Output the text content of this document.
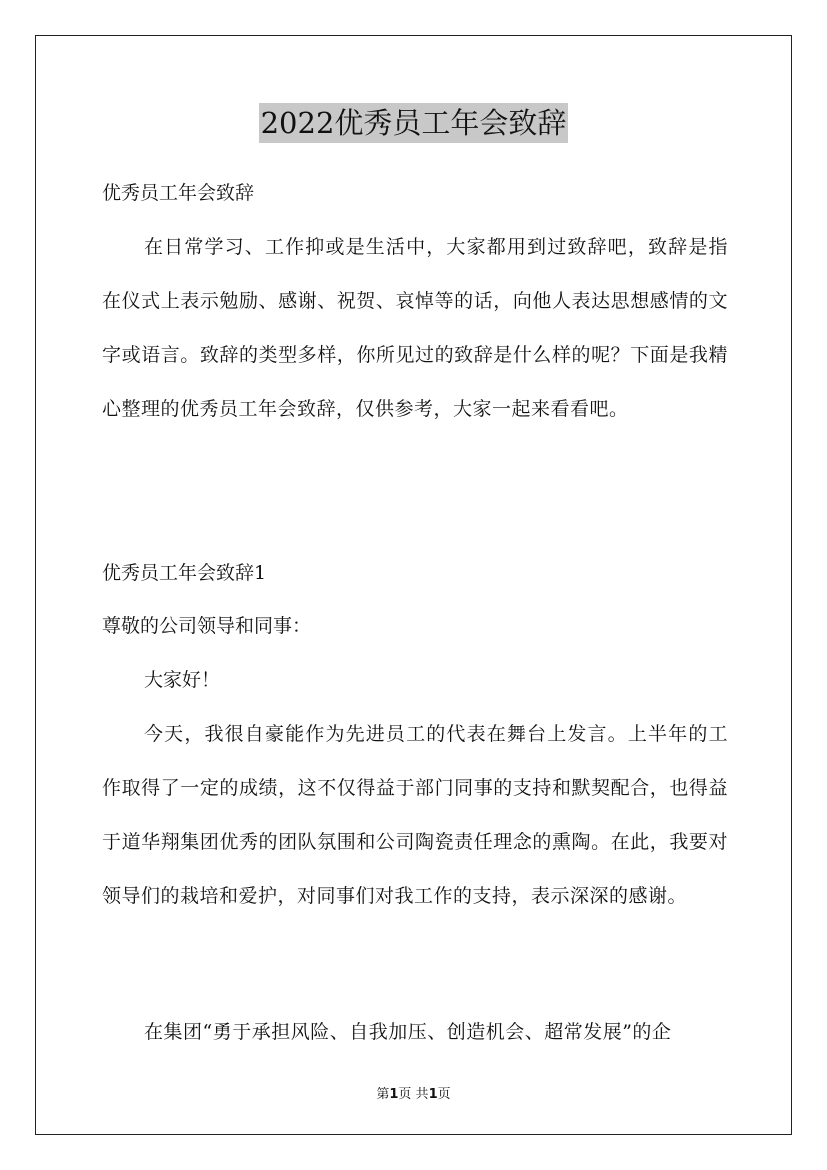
2022优秀员工年会致辞
优秀员工年会致辞

在日常学习、工作抑或是生活中，大家都用到过致辞吧，致辞是指在仪式上表示勉励、感谢、祝贺、哀悼等的话，向他人表达思想感情的文字或语言。致辞的类型多样，你所见过的致辞是什么样的呢？下面是我精心整理的优秀员工年会致辞，仅供参考，大家一起来看看吧。

优秀员工年会致辞1
尊敬的公司领导和同事：
大家好！

今天，我很自豪能作为先进员工的代表在舞台上发言。上半年的工作取得了一定的成绩，这不仅得益于部门同事的支持和默契配合，也得益于道华翔集团优秀的团队氛围和公司陶瓷责任理念的熏陶。在此，我要对领导们的栽培和爱护，对同事们对我工作的支持，表示深深的感谢。

在集团“勇于承担风险、自我加压、创造机会、超常发展”的企

第1页 共1页
